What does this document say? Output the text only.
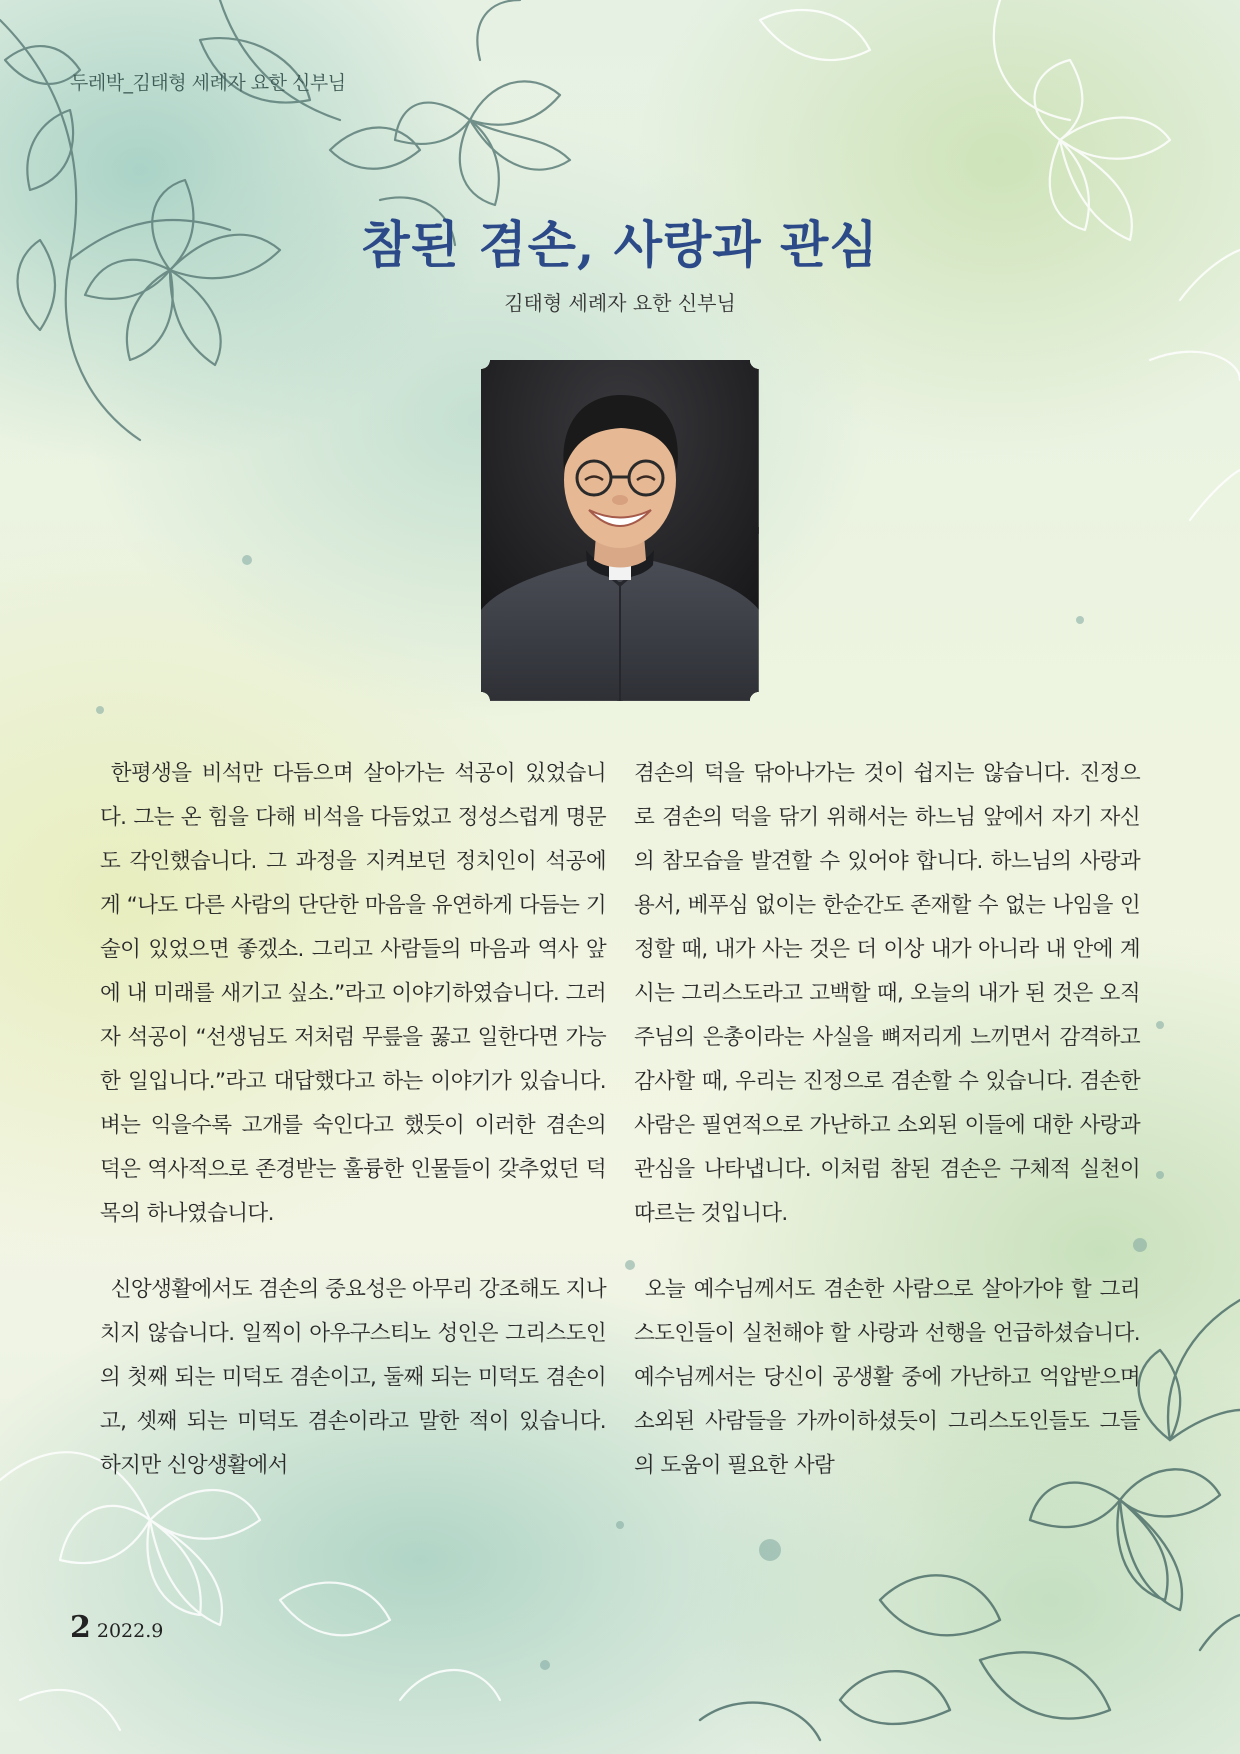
두레박_김태형 세례자 요한 신부님
참된 겸손, 사랑과 관심
김태형 세례자 요한 신부님

한평생을 비석만 다듬으며 살아가는 석공이 있었습니다. 그는 온 힘을 다해 비석을 다듬었고 정성스럽게 명문도 각인했습니다. 그 과정을 지켜보던 정치인이 석공에게 “나도 다른 사람의 단단한 마음을 유연하게 다듬는 기술이 있었으면 좋겠소. 그리고 사람들의 마음과 역사 앞에 내 미래를 새기고 싶소.”라고 이야기하였습니다. 그러자 석공이 “선생님도 저처럼 무릎을 꿇고 일한다면 가능한 일입니다.”라고 대답했다고 하는 이야기가 있습니다. 벼는 익을수록 고개를 숙인다고 했듯이 이러한 겸손의 덕은 역사적으로 존경받는 훌륭한 인물들이 갖추었던 덕목의 하나였습니다.

신앙생활에서도 겸손의 중요성은 아무리 강조해도 지나치지 않습니다. 일찍이 아우구스티노 성인은 그리스도인의 첫째 되는 미덕도 겸손이고, 둘째 되는 미덕도 겸손이고, 셋째 되는 미덕도 겸손이라고 말한 적이 있습니다. 하지만 신앙생활에서

겸손의 덕을 닦아나가는 것이 쉽지는 않습니다. 진정으로 겸손의 덕을 닦기 위해서는 하느님 앞에서 자기 자신의 참모습을 발견할 수 있어야 합니다. 하느님의 사랑과 용서, 베푸심 없이는 한순간도 존재할 수 없는 나임을 인정할 때, 내가 사는 것은 더 이상 내가 아니라 내 안에 계시는 그리스도라고 고백할 때, 오늘의 내가 된 것은 오직 주님의 은총이라는 사실을 뼈저리게 느끼면서 감격하고 감사할 때, 우리는 진정으로 겸손할 수 있습니다. 겸손한 사람은 필연적으로 가난하고 소외된 이들에 대한 사랑과 관심을 나타냅니다. 이처럼 참된 겸손은 구체적 실천이 따르는 것입니다.

오늘 예수님께서도 겸손한 사람으로 살아가야 할 그리스도인들이 실천해야 할 사랑과 선행을 언급하셨습니다. 예수님께서는 당신이 공생활 중에 가난하고 억압받으며 소외된 사람들을 가까이하셨듯이 그리스도인들도 그들의 도움이 필요한 사람

2 2022.9
